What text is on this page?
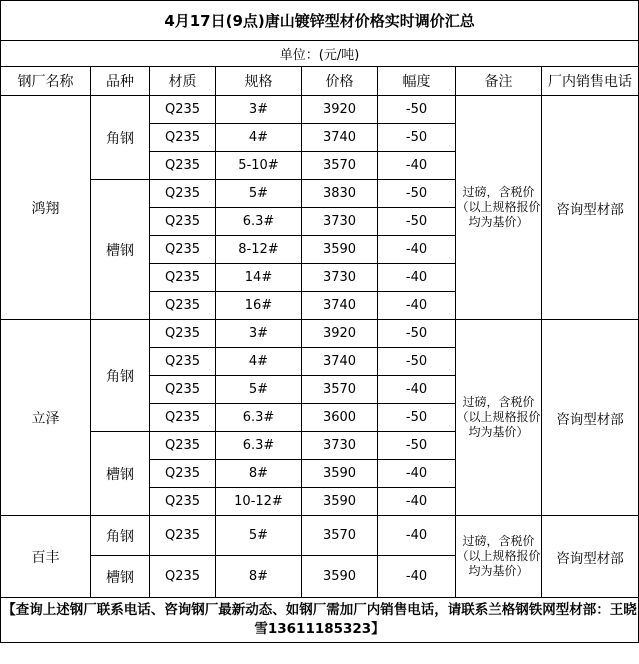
4月17日(9点)唐山镀锌型材价格实时调价汇总							
单位：(元/吨)							
钢厂名称	品种	材质	规格	价格	幅度	备注	厂内销售电话
鸿翔	角钢	Q235	3#	3920	-50	过磅，含税价（以上规格报价均为基价）	咨询型材部
		Q235	4#	3740	-50		
		Q235	5-10#	3570	-40		
	槽钢	Q235	5#	3830	-50		
		Q235	6.3#	3730	-50		
		Q235	8-12#	3590	-40		
		Q235	14#	3730	-40		
		Q235	16#	3740	-40		
立泽	角钢	Q235	3#	3920	-50	过磅，含税价（以上规格报价均为基价）	咨询型材部
		Q235	4#	3740	-50		
		Q235	5#	3570	-40		
		Q235	6.3#	3600	-50		
	槽钢	Q235	6.3#	3730	-50		
		Q235	8#	3590	-40		
		Q235	10-12#	3590	-40		
百丰	角钢	Q235	5#	3570	-40	过磅，含税价（以上规格报价均为基价）	咨询型材部
	槽钢	Q235	8#	3590	-40		
【查询上述钢厂联系电话、咨询钢厂最新动态、如钢厂需加厂内销售电话，请联系兰格钢铁网型材部：王晓雪13611185323】							
